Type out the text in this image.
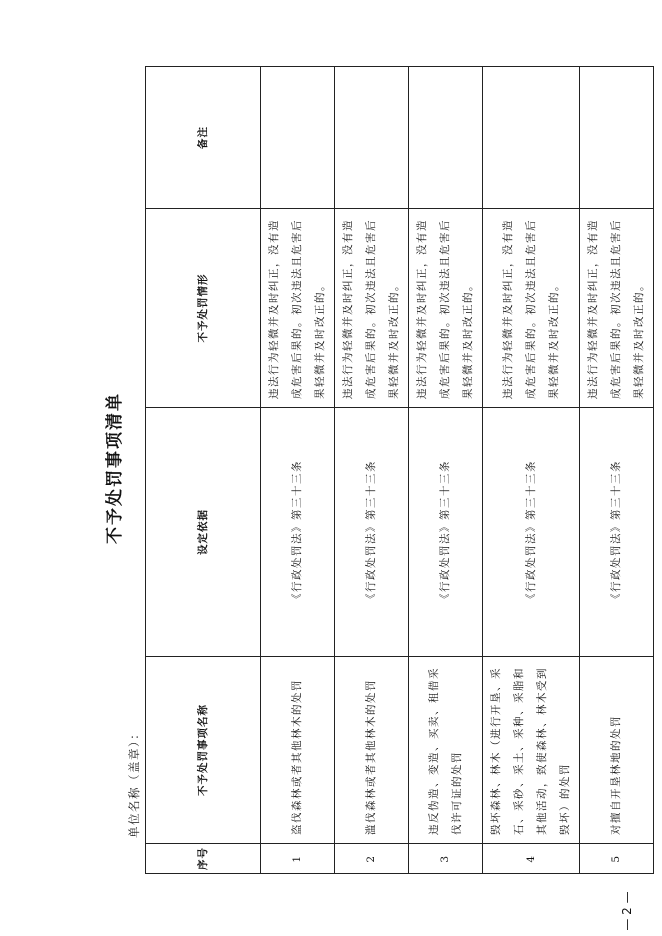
不予处罚事项清单
单位名称（盖章）：
序号	不予处罚事项名称	设定依据	不予处罚情形	备注
1	盗伐森林或者其他林木的处罚	《行政处罚法》第三十三条	违法行为轻微并及时纠正，没有造成危害后果的。初次违法且危害后果轻微并及时改正的。	
2	滥伐森林或者其他林木的处罚	《行政处罚法》第三十三条	违法行为轻微并及时纠正，没有造成危害后果的。初次违法且危害后果轻微并及时改正的。	
3	违反伪造、变造、买卖、租借采伐许可证的处罚	《行政处罚法》第三十三条	违法行为轻微并及时纠正，没有造成危害后果的。初次违法且危害后果轻微并及时改正的。	
4	毁坏森林、林木（进行开垦、采石、采砂、采土、采种、采脂和其他活动，致使森林、林木受到毁坏）的处罚	《行政处罚法》第三十三条	违法行为轻微并及时纠正，没有造成危害后果的。初次违法且危害后果轻微并及时改正的。	
5	对擅自开垦林地的处罚	《行政处罚法》第三十三条	违法行为轻微并及时纠正，没有造成危害后果的。初次违法且危害后果轻微并及时改正的。	
— 2 —
